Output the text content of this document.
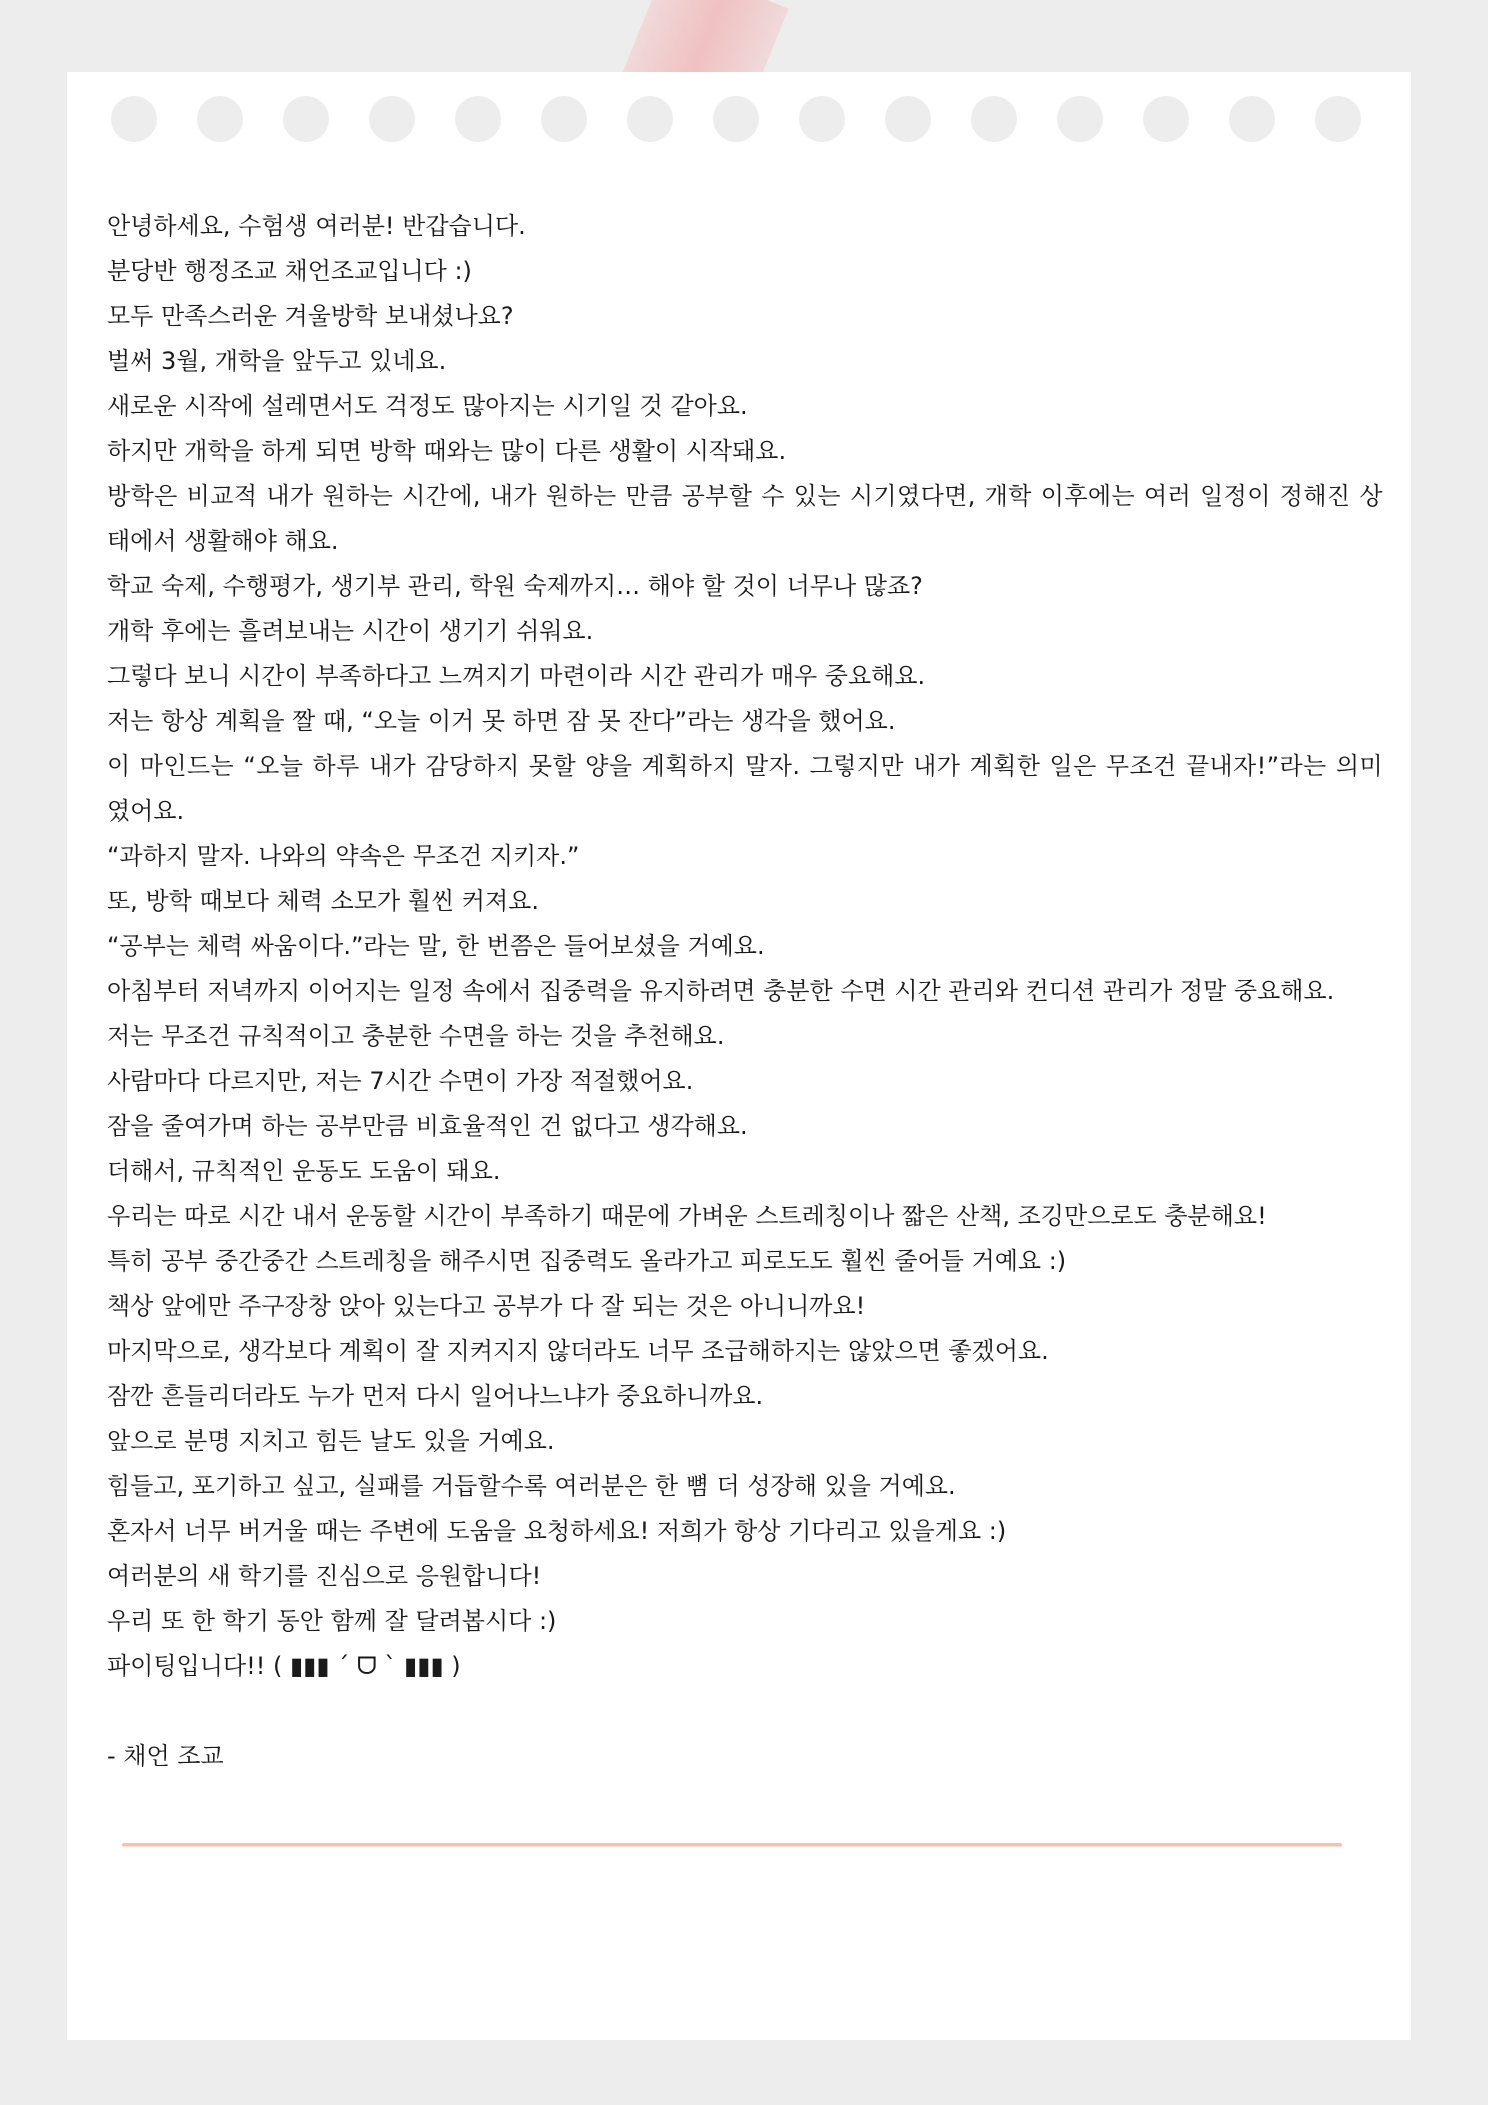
안녕하세요, 수험생 여러분! 반갑습니다.
분당반 행정조교 채언조교입니다 :)
모두 만족스러운 겨울방학 보내셨나요?
벌써 3월, 개학을 앞두고 있네요.
새로운 시작에 설레면서도 걱정도 많아지는 시기일 것 같아요.
하지만 개학을 하게 되면 방학 때와는 많이 다른 생활이 시작돼요.
방학은 비교적 내가 원하는 시간에, 내가 원하는 만큼 공부할 수 있는 시기였다면, 개학 이후에는 여러 일정이 정해진 상
태에서 생활해야 해요.
학교 숙제, 수행평가, 생기부 관리, 학원 숙제까지… 해야 할 것이 너무나 많죠?
개학 후에는 흘려보내는 시간이 생기기 쉬워요.
그렇다 보니 시간이 부족하다고 느껴지기 마련이라 시간 관리가 매우 중요해요.
저는 항상 계획을 짤 때, “오늘 이거 못 하면 잠 못 잔다”라는 생각을 했어요.
이 마인드는 “오늘 하루 내가 감당하지 못할 양을 계획하지 말자. 그렇지만 내가 계획한 일은 무조건 끝내자!”라는 의미
였어요.
“과하지 말자. 나와의 약속은 무조건 지키자.”
또, 방학 때보다 체력 소모가 훨씬 커져요.
“공부는 체력 싸움이다.”라는 말, 한 번쯤은 들어보셨을 거예요.
아침부터 저녁까지 이어지는 일정 속에서 집중력을 유지하려면 충분한 수면 시간 관리와 컨디션 관리가 정말 중요해요.
저는 무조건 규칙적이고 충분한 수면을 하는 것을 추천해요.
사람마다 다르지만, 저는 7시간 수면이 가장 적절했어요.
잠을 줄여가며 하는 공부만큼 비효율적인 건 없다고 생각해요.
더해서, 규칙적인 운동도 도움이 돼요.
우리는 따로 시간 내서 운동할 시간이 부족하기 때문에 가벼운 스트레칭이나 짧은 산책, 조깅만으로도 충분해요!
특히 공부 중간중간 스트레칭을 해주시면 집중력도 올라가고 피로도도 훨씬 줄어들 거예요 :)
책상 앞에만 주구장창 앉아 있는다고 공부가 다 잘 되는 것은 아니니까요!
마지막으로, 생각보다 계획이 잘 지켜지지 않더라도 너무 조급해하지는 않았으면 좋겠어요.
잠깐 흔들리더라도 누가 먼저 다시 일어나느냐가 중요하니까요.
앞으로 분명 지치고 힘든 날도 있을 거예요.
힘들고, 포기하고 싶고, 실패를 거듭할수록 여러분은 한 뼘 더 성장해 있을 거예요.
혼자서 너무 버거울 때는 주변에 도움을 요청하세요! 저희가 항상 기다리고 있을게요 :)
여러분의 새 학기를 진심으로 응원합니다!
우리 또 한 학기 동안 함께 잘 달려봅시다 :)
파이팅입니다!! ( ▮▮▮ ˊ ᗜ ˋ ▮▮▮ )
- 채언 조교
